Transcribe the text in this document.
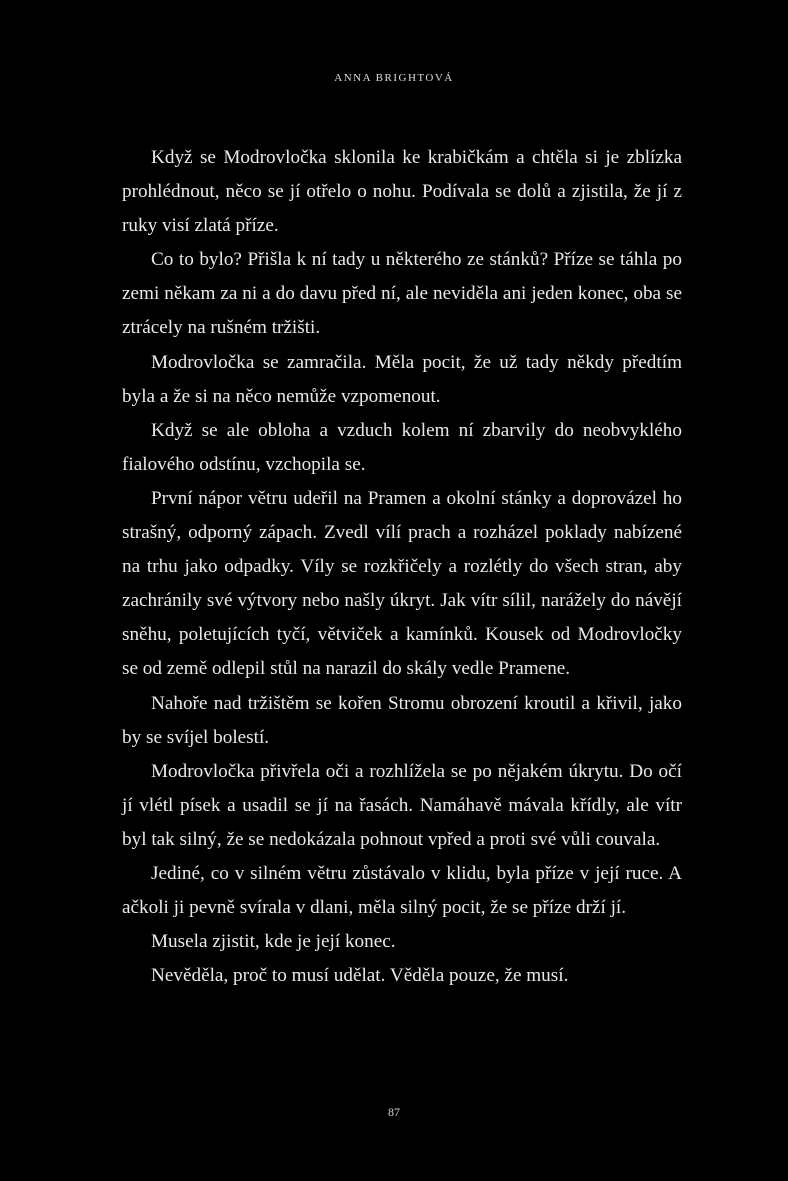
ANNA BRIGHTOVÁ

Když se Modrovločka sklonila ke krabičkám a chtěla si je zblízka prohlédnout, něco se jí otřelo o nohu. Podívala se dolů a zjistila, že jí z ruky visí zlatá příze.

Co to bylo? Přišla k ní tady u některého ze stánků? Příze se táhla po zemi někam za ni a do davu před ní, ale neviděla ani jeden konec, oba se ztrácely na rušném tržišti.

Modrovločka se zamračila. Měla pocit, že už tady někdy předtím byla a že si na něco nemůže vzpomenout.

Když se ale obloha a vzduch kolem ní zbarvily do neobvyklého fialového odstínu, vzchopila se.

První nápor větru udeřil na Pramen a okolní stánky a doprovázel ho strašný, odporný zápach. Zvedl vílí prach a rozházel poklady nabízené na trhu jako odpadky. Víly se rozkřičely a rozlétly do všech stran, aby zachránily své výtvory nebo našly úkryt. Jak vítr sílil, narážely do návějí sněhu, poletujících tyčí, větviček a kamínků. Kousek od Modrovločky se od země odlepil stůl na narazil do skály vedle Pramene.

Nahoře nad tržištěm se kořen Stromu obrození kroutil a křivil, jako by se svíjel bolestí.

Modrovločka přivřela oči a rozhlížela se po nějakém úkrytu. Do očí jí vlétl písek a usadil se jí na řasách. Namáhavě mávala křídly, ale vítr byl tak silný, že se nedokázala pohnout vpřed a proti své vůli couvala.

Jediné, co v silném větru zůstávalo v klidu, byla příze v její ruce. A ačkoli ji pevně svírala v dlani, měla silný pocit, že se příze drží jí.

Musela zjistit, kde je její konec.

Nevěděla, proč to musí udělat. Věděla pouze, že musí.

87
